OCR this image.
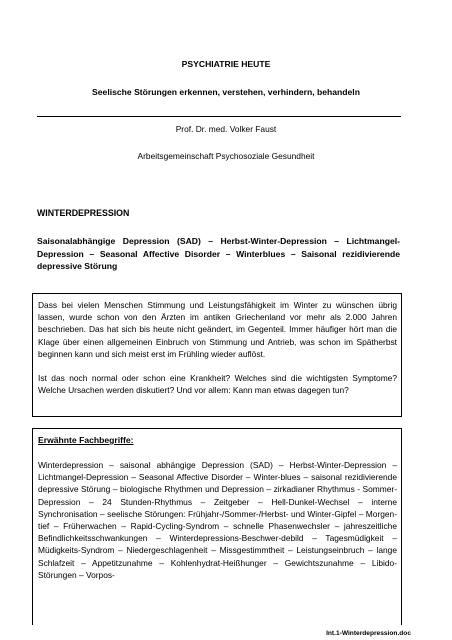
PSYCHIATRIE HEUTE
Seelische Störungen erkennen, verstehen, verhindern, behandeln
Prof. Dr. med. Volker Faust
Arbeitsgemeinschaft Psychosoziale Gesundheit
WINTERDEPRESSION
Saisonalabhängige Depression (SAD) – Herbst-Winter-Depression – Lichtmangel-Depression – Seasonal Affective Disorder – Winterblues – Saisonal rezidivierende depressive Störung

Dass bei vielen Menschen Stimmung und Leistungsfähigkeit im Winter zu wünschen übrig lassen, wurde schon von den Ärzten im antiken Griechenland vor mehr als 2.000 Jahren beschrieben. Das hat sich bis heute nicht geändert, im Gegenteil. Immer häufiger hört man die Klage über einen allgemeinen Einbruch von Stimmung und Antrieb, was schon im Spätherbst beginnen kann und sich meist erst im Frühling wieder auflöst.

Ist das noch normal oder schon eine Krankheit? Welches sind die wichtigsten Symptome? Welche Ursachen werden diskutiert? Und vor allem: Kann man etwas dagegen tun?

Erwähnte Fachbegriffe:

Winterdepression – saisonal abhängige Depression (SAD) – Herbst-Winter-Depression – Lichtmangel-Depression – Seasonal Affective Disorder – Winter-blues – saisonal rezidivierende depressive Störung – biologische Rhythmen und Depression – zirkadianer Rhythmus - Sommer-Depression – 24 Stunden-Rhythmus – Zeitgeber – Hell-Dunkel-Wechsel – interne Synchronisation – seelische Störungen: Frühjahr-/Sommer-/Herbst- und Winter-Gipfel – Morgen-tief – Früherwachen – Rapid-Cycling-Syndrom – schnelle Phasenwechsler – jahreszeitliche Befindlichkeitsschwankungen – Winterdepressions-Beschwer-debild – Tagesmüdigkeit – Müdigkeits-Syndrom – Niedergeschlagenheit – Missgestimmtheit – Leistungseinbruch – lange Schlafzeit – Appetitzunahme – Kohlenhydrat-Heißhunger – Gewichtszunahme – Libido-Störungen – Vorpos-

Int.1-Winterdepression.doc
